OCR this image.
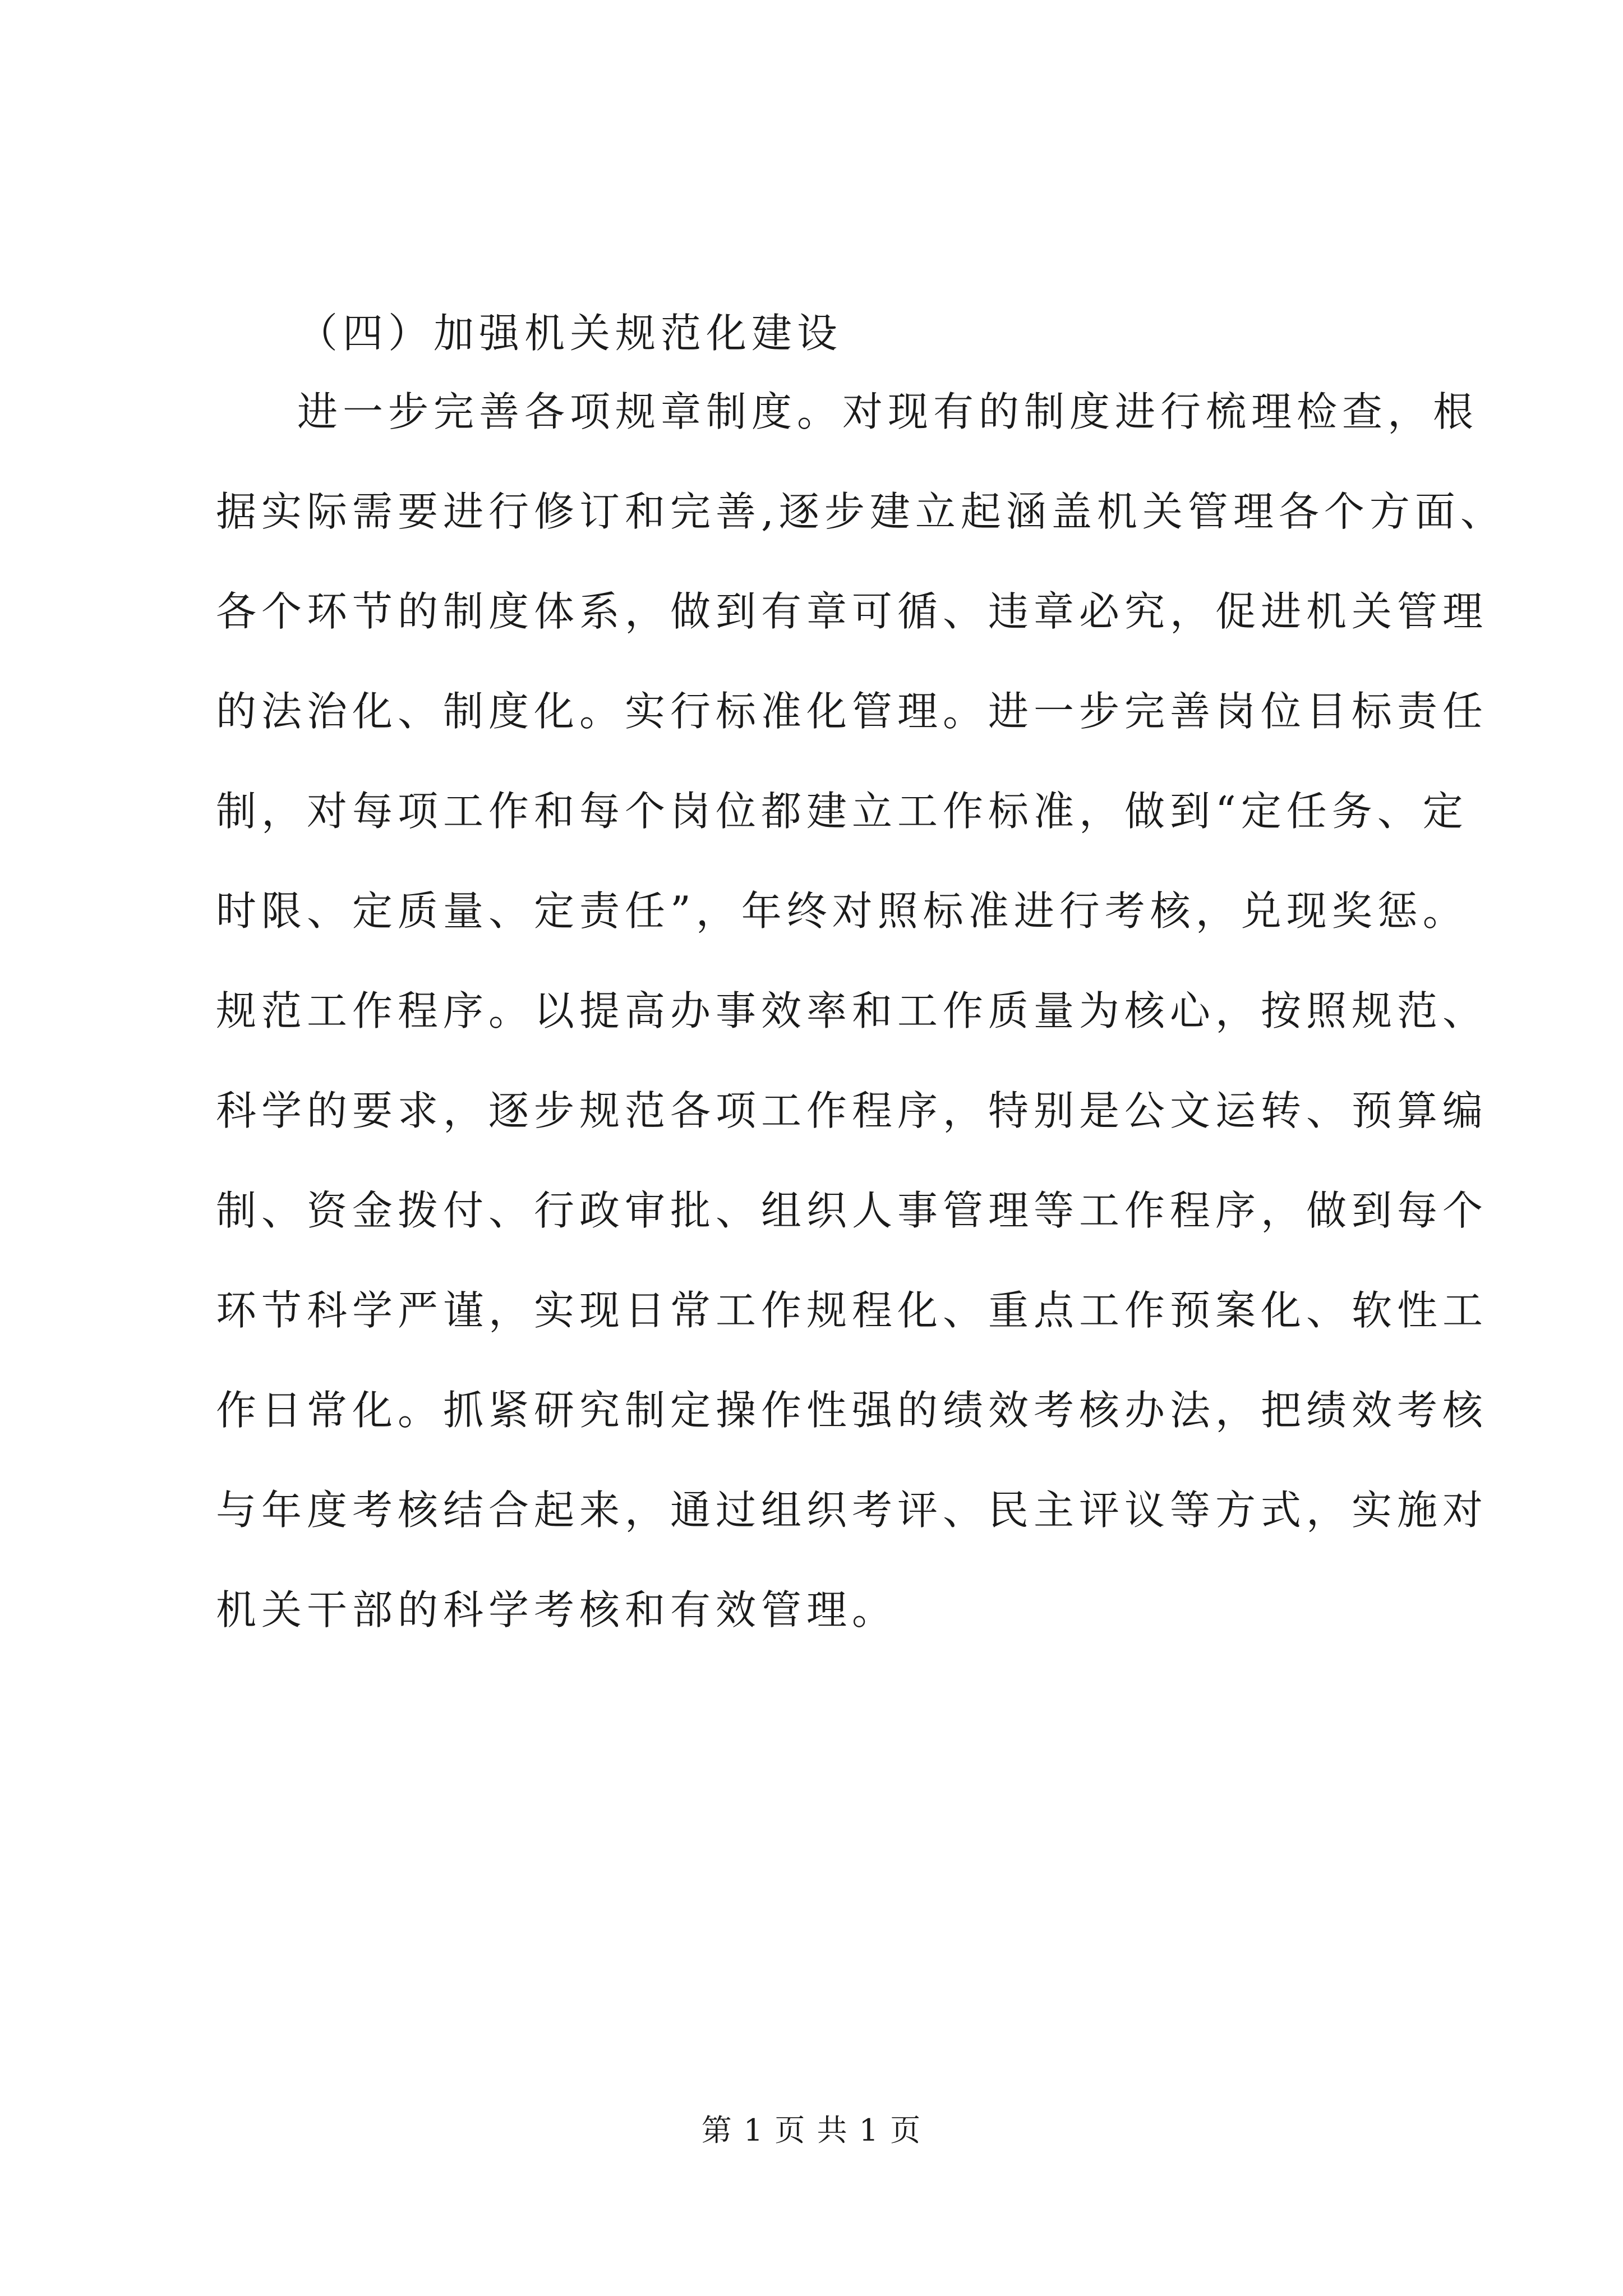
（四）加强机关规范化建设
进一步完善各项规章制度。对现有的制度进行梳理检查，根
据实际需要进行修订和完善,逐步建立起涵盖机关管理各个方面、
各个环节的制度体系，做到有章可循、违章必究，促进机关管理
的法治化、制度化。实行标准化管理。进一步完善岗位目标责任
制，对每项工作和每个岗位都建立工作标准，做到“定任务、定
时限、定质量、定责任”，年终对照标准进行考核，兑现奖惩。
规范工作程序。以提高办事效率和工作质量为核心，按照规范、
科学的要求，逐步规范各项工作程序，特别是公文运转、预算编
制、资金拨付、行政审批、组织人事管理等工作程序，做到每个
环节科学严谨，实现日常工作规程化、重点工作预案化、软性工
作日常化。抓紧研究制定操作性强的绩效考核办法，把绩效考核
与年度考核结合起来，通过组织考评、民主评议等方式，实施对
机关干部的科学考核和有效管理。
第 1 页 共 1 页
